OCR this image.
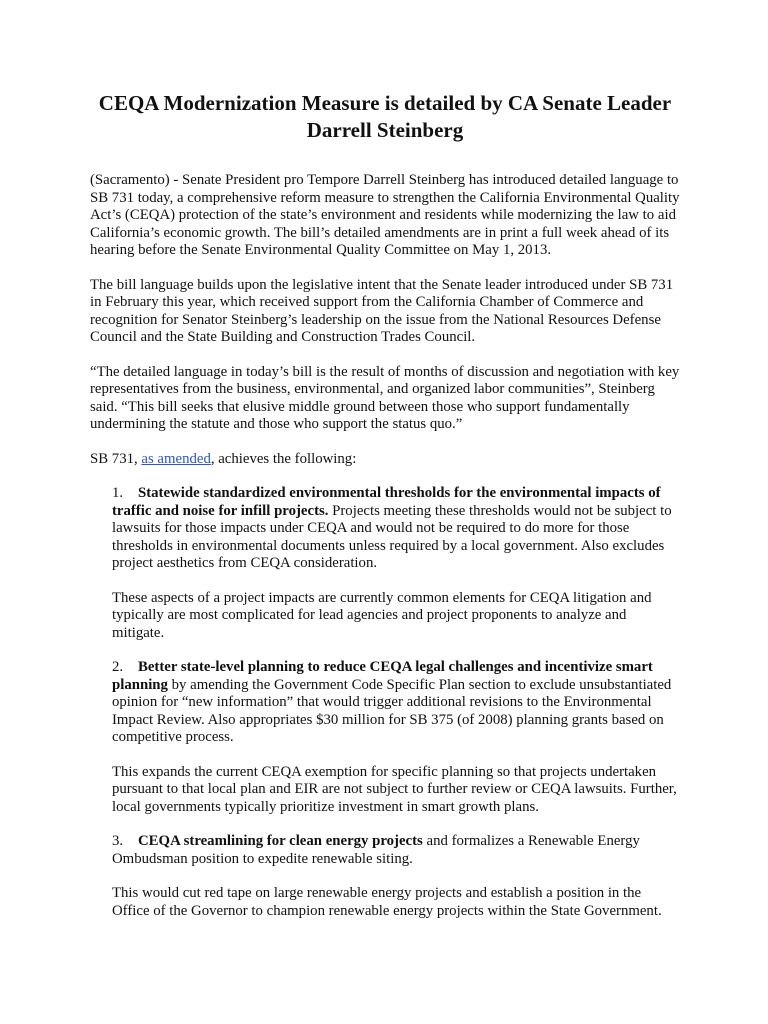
CEQA Modernization Measure is detailed by CA Senate Leader
Darrell Steinberg

(Sacramento) - Senate President pro Tempore Darrell Steinberg has introduced detailed language to SB 731 today, a comprehensive reform measure to strengthen the California Environmental Quality Act’s (CEQA) protection of the state’s environment and residents while modernizing the law to aid California’s economic growth. The bill’s detailed amendments are in print a full week ahead of its hearing before the Senate Environmental Quality Committee on May 1, 2013.

The bill language builds upon the legislative intent that the Senate leader introduced under SB 731 in February this year, which received support from the California Chamber of Commerce and recognition for Senator Steinberg’s leadership on the issue from the National Resources Defense Council and the State Building and Construction Trades Council.

“The detailed language in today’s bill is the result of months of discussion and negotiation with key representatives from the business, environmental, and organized labor communities”, Steinberg said. “This bill seeks that elusive middle ground between those who support fundamentally undermining the statute and those who support the status quo.”

SB 731, as amended, achieves the following:

1. Statewide standardized environmental thresholds for the environmental impacts of traffic and noise for infill projects. Projects meeting these thresholds would not be subject to lawsuits for those impacts under CEQA and would not be required to do more for those thresholds in environmental documents unless required by a local government. Also excludes project aesthetics from CEQA consideration.

These aspects of a project impacts are currently common elements for CEQA litigation and typically are most complicated for lead agencies and project proponents to analyze and mitigate.

2. Better state-level planning to reduce CEQA legal challenges and incentivize smart planning by amending the Government Code Specific Plan section to exclude unsubstantiated opinion for “new information” that would trigger additional revisions to the Environmental Impact Review. Also appropriates $30 million for SB 375 (of 2008) planning grants based on competitive process.

This expands the current CEQA exemption for specific planning so that projects undertaken pursuant to that local plan and EIR are not subject to further review or CEQA lawsuits. Further, local governments typically prioritize investment in smart growth plans.

3. CEQA streamlining for clean energy projects and formalizes a Renewable Energy Ombudsman position to expedite renewable siting.

This would cut red tape on large renewable energy projects and establish a position in the Office of the Governor to champion renewable energy projects within the State Government.
